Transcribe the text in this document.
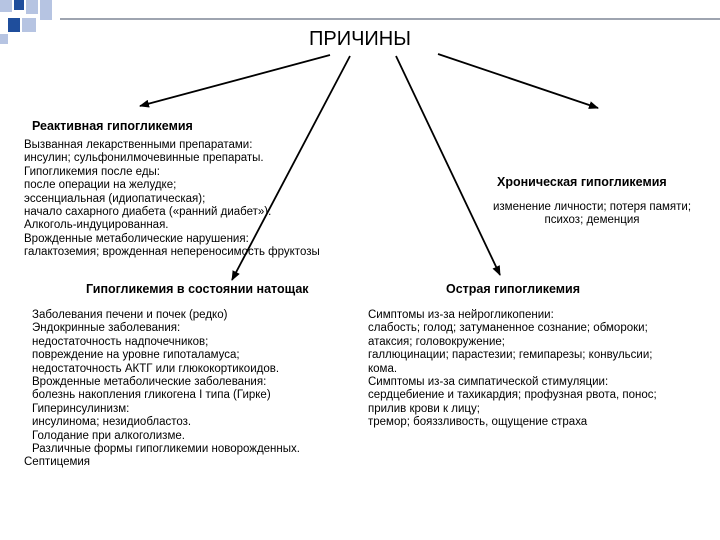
ПРИЧИНЫ
Реактивная гипогликемия
Вызванная лекарственными препаратами:
инсулин; сульфонилмочевинные препараты.
Гипогликемия после еды:
после операции на желудке;
эссенциальная (идиопатическая);
начало сахарного диабета («ранний диабет»).
Алкоголь-индуцированная.
Врожденные метаболические нарушения:
галактоземия; врожденная непереносимость фруктозы
Хроническая гипогликемия
изменение личности; потеря памяти;
психоз; деменция
Гипогликемия в состоянии натощак
Заболевания печени и почек (редко)
Эндокринные заболевания:
недостаточность надпочечников;
повреждение на уровне гипоталамуса;
недостаточность АКТГ или глюкокортикоидов.
Врожденные метаболические заболевания:
болезнь накопления гликогена I типа (Гирке)
Гиперинсулинизм:
инсулинома; незидиобластоз.
Голодание при алкоголизме.
Различные формы гипогликемии новорожденных.
Септицемия
Острая гипогликемия
Симптомы из-за нейрогликопении:
слабость; голод; затуманенное сознание; обмороки;
атаксия; головокружение;
галлюцинации; парастезии; гемипарезы; конвульсии;
кома.
Симптомы из-за симпатической стимуляции:
сердцебиение и тахикардия; профузная рвота, понос;
прилив крови к лицу;
тремор; бояззливость, ощущение страха
